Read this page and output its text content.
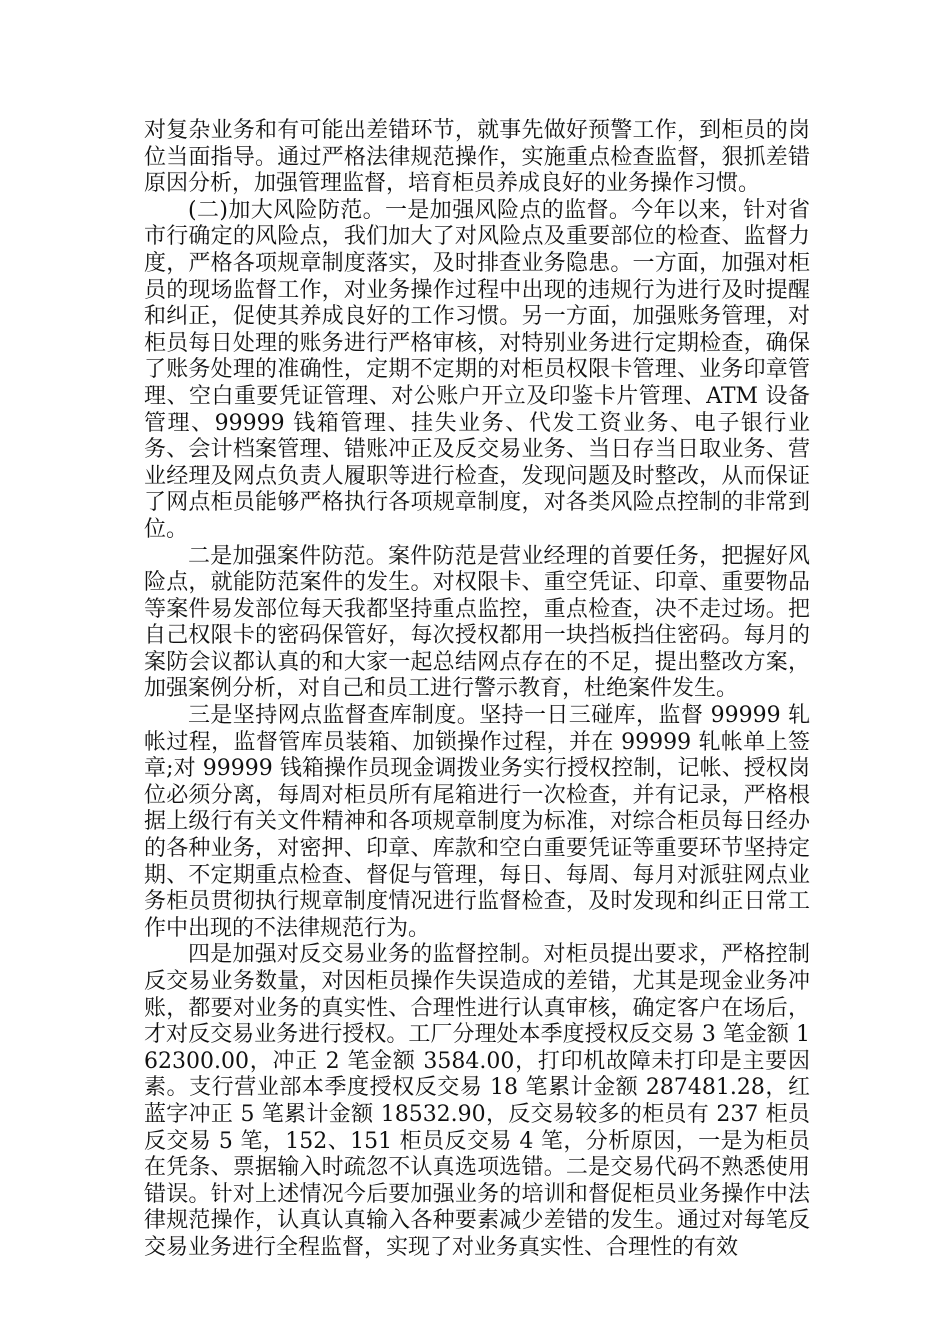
对复杂业务和有可能出差错环节，就事先做好预警工作，到柜员的岗位当面指导。通过严格法律规范操作，实施重点检查监督，狠抓差错原因分析，加强管理监督，培育柜员养成良好的业务操作习惯。

(二)加大风险防范。一是加强风险点的监督。今年以来，针对省市行确定的风险点，我们加大了对风险点及重要部位的检查、监督力度，严格各项规章制度落实，及时排查业务隐患。一方面，加强对柜员的现场监督工作，对业务操作过程中出现的违规行为进行及时提醒和纠正，促使其养成良好的工作习惯。另一方面，加强账务管理，对柜员每日处理的账务进行严格审核，对特别业务进行定期检查，确保了账务处理的准确性，定期不定期的对柜员权限卡管理、业务印章管理、空白重要凭证管理、对公账户开立及印鉴卡片管理、ATM 设备管理、99999 钱箱管理、挂失业务、代发工资业务、电子银行业务、会计档案管理、错账冲正及反交易业务、当日存当日取业务、营业经理及网点负责人履职等进行检查，发现问题及时整改，从而保证了网点柜员能够严格执行各项规章制度，对各类风险点控制的非常到位。

二是加强案件防范。案件防范是营业经理的首要任务，把握好风险点，就能防范案件的发生。对权限卡、重空凭证、印章、重要物品等案件易发部位每天我都坚持重点监控，重点检查，决不走过场。把自己权限卡的密码保管好，每次授权都用一块挡板挡住密码。每月的案防会议都认真的和大家一起总结网点存在的不足，提出整改方案，加强案例分析，对自己和员工进行警示教育，杜绝案件发生。

三是坚持网点监督查库制度。坚持一日三碰库，监督 99999 轧帐过程，监督管库员装箱、加锁操作过程，并在 99999 轧帐单上签章;对 99999 钱箱操作员现金调拨业务实行授权控制，记帐、授权岗位必须分离，每周对柜员所有尾箱进行一次检查，并有记录，严格根据上级行有关文件精神和各项规章制度为标准，对综合柜员每日经办的各种业务，对密押、印章、库款和空白重要凭证等重要环节坚持定期、不定期重点检查、督促与管理，每日、每周、每月对派驻网点业务柜员贯彻执行规章制度情况进行监督检查，及时发现和纠正日常工作中出现的不法律规范行为。

四是加强对反交易业务的监督控制。对柜员提出要求，严格控制反交易业务数量，对因柜员操作失误造成的差错，尤其是现金业务冲账，都要对业务的真实性、合理性进行认真审核，确定客户在场后，才对反交易业务进行授权。工厂分理处本季度授权反交易 3 笔金额 162300.00，冲正 2 笔金额 3584.00，打印机故障未打印是主要因素。支行营业部本季度授权反交易 18 笔累计金额 287481.28，红蓝字冲正 5 笔累计金额 18532.90，反交易较多的柜员有 237 柜员反交易 5 笔，152、151 柜员反交易 4 笔，分析原因，一是为柜员在凭条、票据输入时疏忽不认真选项选错。二是交易代码不熟悉使用错误。针对上述情况今后要加强业务的培训和督促柜员业务操作中法律规范操作，认真认真输入各种要素减少差错的发生。通过对每笔反交易业务进行全程监督，实现了对业务真实性、合理性的有效
